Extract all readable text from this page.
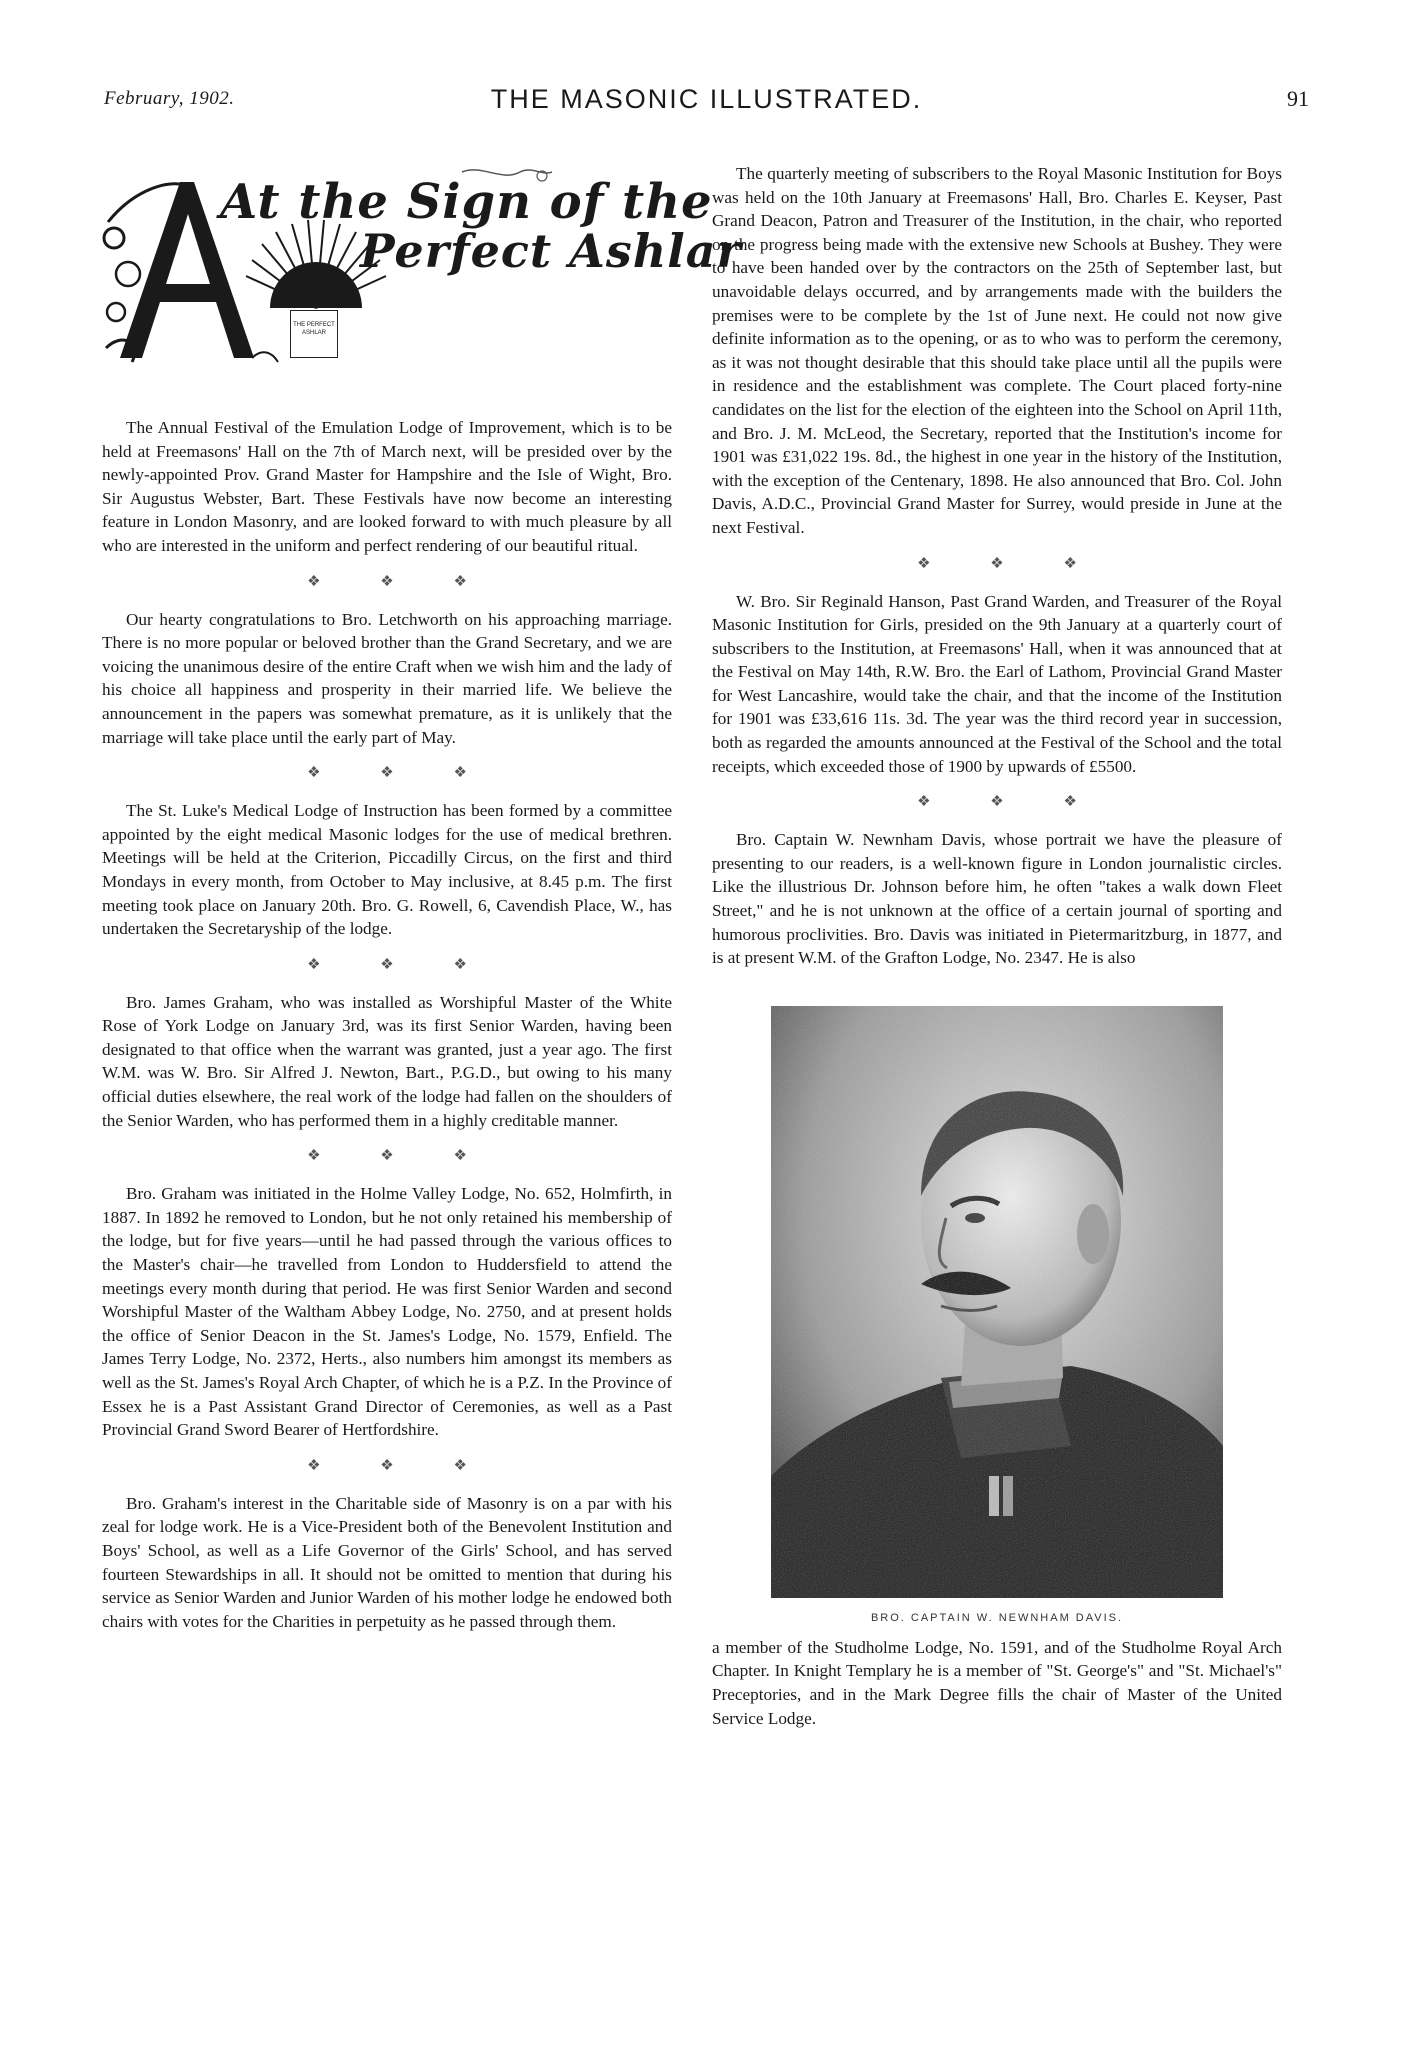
February, 1902.	THE MASONIC ILLUSTRATED.	91
At the Sign of the
Perfect Ashlar
THE PERFECT ASHLAR

The Annual Festival of the Emulation Lodge of Improvement, which is to be held at Freemasons' Hall on the 7th of March next, will be presided over by the newly-appointed Prov. Grand Master for Hampshire and the Isle of Wight, Bro. Sir Augustus Webster, Bart. These Festivals have now become an interesting feature in London Masonry, and are looked forward to with much pleasure by all who are interested in the uniform and perfect rendering of our beautiful ritual.

❖ ❖ ❖

Our hearty congratulations to Bro. Letchworth on his approaching marriage. There is no more popular or beloved brother than the Grand Secretary, and we are voicing the unanimous desire of the entire Craft when we wish him and the lady of his choice all happiness and prosperity in their married life. We believe the announcement in the papers was somewhat premature, as it is unlikely that the marriage will take place until the early part of May.

❖ ❖ ❖

The St. Luke's Medical Lodge of Instruction has been formed by a committee appointed by the eight medical Masonic lodges for the use of medical brethren. Meetings will be held at the Criterion, Piccadilly Circus, on the first and third Mondays in every month, from October to May inclusive, at 8.45 p.m. The first meeting took place on January 20th. Bro. G. Rowell, 6, Cavendish Place, W., has undertaken the Secretaryship of the lodge.

❖ ❖ ❖

Bro. James Graham, who was installed as Worshipful Master of the White Rose of York Lodge on January 3rd, was its first Senior Warden, having been designated to that office when the warrant was granted, just a year ago. The first W.M. was W. Bro. Sir Alfred J. Newton, Bart., P.G.D., but owing to his many official duties elsewhere, the real work of the lodge had fallen on the shoulders of the Senior Warden, who has performed them in a highly creditable manner.

❖ ❖ ❖

Bro. Graham was initiated in the Holme Valley Lodge, No. 652, Holmfirth, in 1887. In 1892 he removed to London, but he not only retained his membership of the lodge, but for five years—until he had passed through the various offices to the Master's chair—he travelled from London to Huddersfield to attend the meetings every month during that period. He was first Senior Warden and second Worshipful Master of the Waltham Abbey Lodge, No. 2750, and at present holds the office of Senior Deacon in the St. James's Lodge, No. 1579, Enfield. The James Terry Lodge, No. 2372, Herts., also numbers him amongst its members as well as the St. James's Royal Arch Chapter, of which he is a P.Z. In the Province of Essex he is a Past Assistant Grand Director of Ceremonies, as well as a Past Provincial Grand Sword Bearer of Hertfordshire.

❖ ❖ ❖

Bro. Graham's interest in the Charitable side of Masonry is on a par with his zeal for lodge work. He is a Vice-President both of the Benevolent Institution and Boys' School, as well as a Life Governor of the Girls' School, and has served fourteen Stewardships in all. It should not be omitted to mention that during his service as Senior Warden and Junior Warden of his mother lodge he endowed both chairs with votes for the Charities in perpetuity as he passed through them.

The quarterly meeting of subscribers to the Royal Masonic Institution for Boys was held on the 10th January at Freemasons' Hall, Bro. Charles E. Keyser, Past Grand Deacon, Patron and Treasurer of the Institution, in the chair, who reported on the progress being made with the extensive new Schools at Bushey. They were to have been handed over by the contractors on the 25th of September last, but unavoidable delays occurred, and by arrangements made with the builders the premises were to be complete by the 1st of June next. He could not now give definite information as to the opening, or as to who was to perform the ceremony, as it was not thought desirable that this should take place until all the pupils were in residence and the establishment was complete. The Court placed forty-nine candidates on the list for the election of the eighteen into the School on April 11th, and Bro. J. M. McLeod, the Secretary, reported that the Institution's income for 1901 was £31,022 19s. 8d., the highest in one year in the history of the Institution, with the exception of the Centenary, 1898. He also announced that Bro. Col. John Davis, A.D.C., Provincial Grand Master for Surrey, would preside in June at the next Festival.

❖ ❖ ❖

W. Bro. Sir Reginald Hanson, Past Grand Warden, and Treasurer of the Royal Masonic Institution for Girls, presided on the 9th January at a quarterly court of subscribers to the Institution, at Freemasons' Hall, when it was announced that at the Festival on May 14th, R.W. Bro. the Earl of Lathom, Provincial Grand Master for West Lancashire, would take the chair, and that the income of the Institution for 1901 was £33,616 11s. 3d. The year was the third record year in succession, both as regarded the amounts announced at the Festival of the School and the total receipts, which exceeded those of 1900 by upwards of £5500.

❖ ❖ ❖

Bro. Captain W. Newnham Davis, whose portrait we have the pleasure of presenting to our readers, is a well-known figure in London journalistic circles. Like the illustrious Dr. Johnson before him, he often "takes a walk down Fleet Street," and he is not unknown at the office of a certain journal of sporting and humorous proclivities. Bro. Davis was initiated in Pietermaritzburg, in 1877, and is at present W.M. of the Grafton Lodge, No. 2347. He is also

BRO. CAPTAIN W. NEWNHAM DAVIS.

a member of the Studholme Lodge, No. 1591, and of the Studholme Royal Arch Chapter. In Knight Templary he is a member of "St. George's" and "St. Michael's" Preceptories, and in the Mark Degree fills the chair of Master of the United Service Lodge.
